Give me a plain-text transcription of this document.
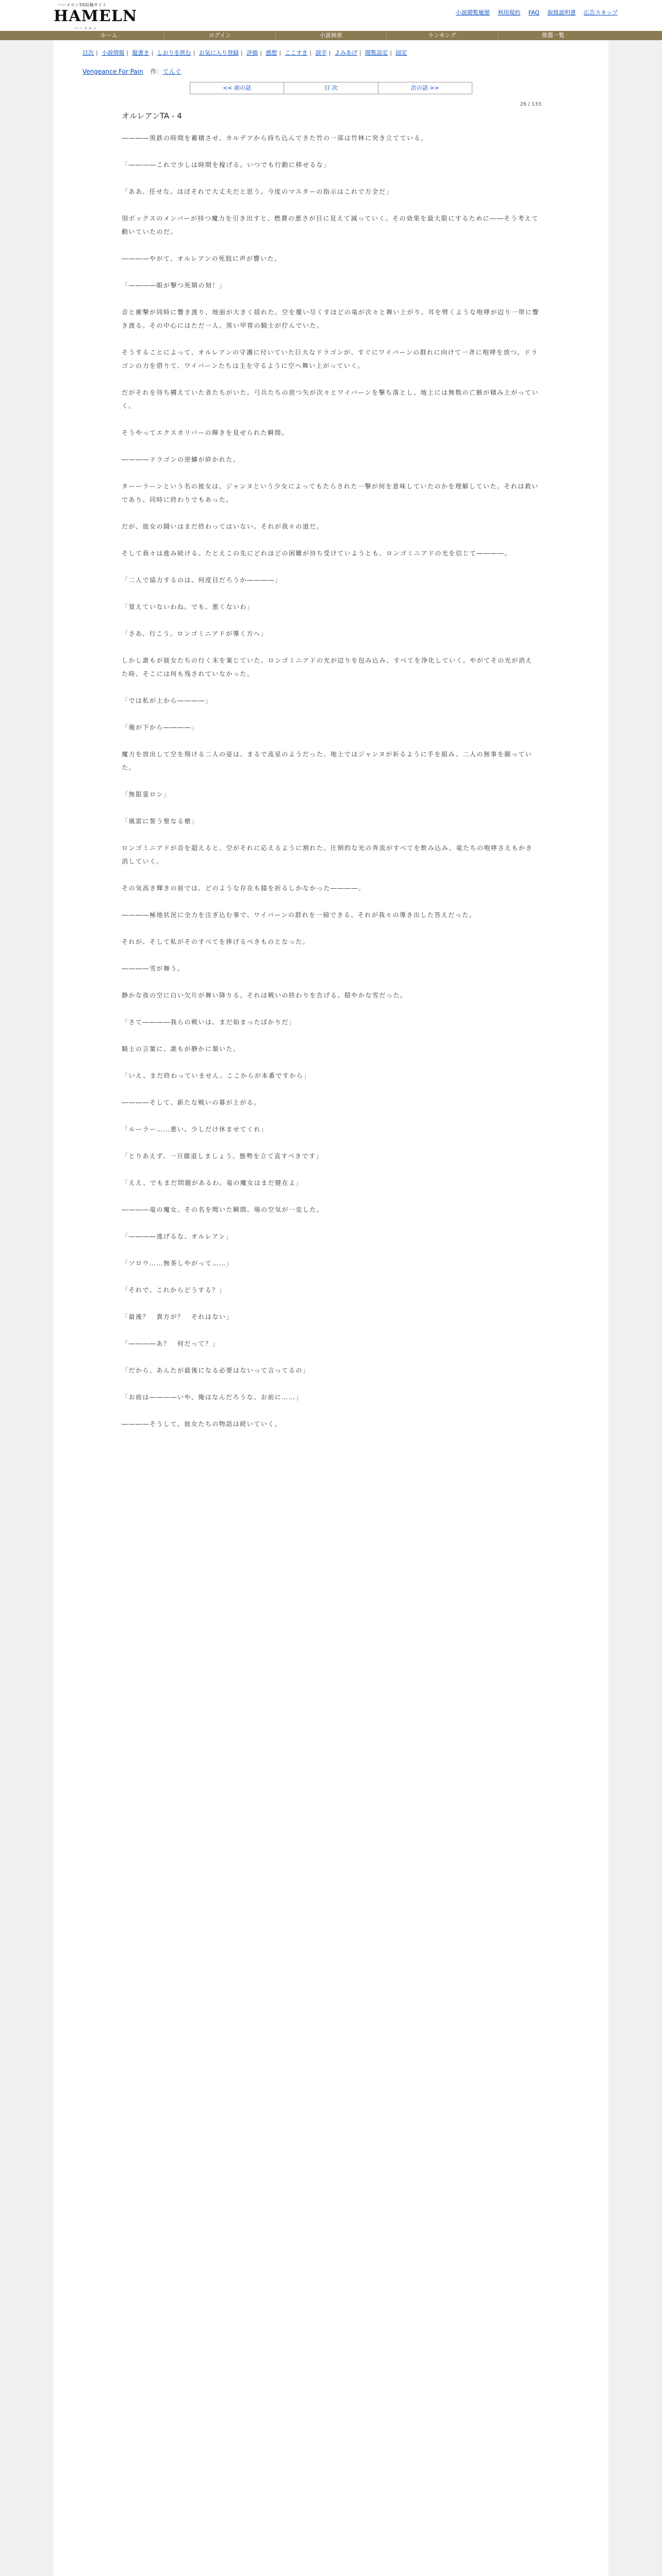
ハーメルンSS投稿サイト
HAMELN
ハ ー メ ル ン
小説閲覧履歴 利用規約 FAQ 取扱説明書 広告スキップ
ホーム	ログイン	小説検索	ランキング	推薦一覧
目次 | 小説情報 | 縦書き | しおりを挟む | お気に入り登録 | 評価 | 感想 | ここすき | 誤字 | よみあげ | 閲覧設定 | 固定
Vengeance For Pain 作： てんぐ
<< 前の話	目 次	次の話 >>
26 / 133
オルレアンTA - 4

――――黒鉄の時間を蓄積させ、カルデアから持ち込んできた竹の一部は竹林に突き立てている。

「――――これで少しは時間を稼げる。いつでも行動に移せるな」

「ああ、任せな。ほぼそれで大丈夫だと思う。今度のマスターの指示はこれで万全だ」

別ボックスのメンバーが持つ魔力を引き出すと、燃費の悪さが目に見えて減っていく。その効果を最大限にするために――そう考えて動いていたのだ。

――――やがて、オルレアンの死肢に声が響いた。

「――――眼が撃つ死期の刻！」

音と衝撃が同時に響き渡り、地面が大きく揺れた。空を覆い尽くすほどの竜が次々と舞い上がり、耳を劈くような咆哮が辺り一帯に響き渡る。その中心にはただ一人、黒い甲冑の騎士が佇んでいた。

そうすることによって、オルレアンの守護に付いていた巨大なドラゴンが、すぐにワイバーンの群れに向けて一斉に咆哮を放つ。ドラゴンの力を借りて、ワイバーンたちは主を守るように空へ舞い上がっていく。

だがそれを待ち構えていた者たちがいた。弓兵たちの放つ矢が次々とワイバーンを撃ち落とし、地上には無数の亡骸が積み上がっていく。

そうやってエクスカリバーの輝きを見せられた瞬間。

――――ドラゴンの逆鱗が砕かれた。

ターーラーンという名の彼女は、ジャンヌという少女によってもたらされた一撃が何を意味していたのかを理解していた。それは救いであり、同時に終わりでもあった。

だが、彼女の闘いはまだ終わってはいない。それが我々の道だ。

そして我々は進み続ける。たとえこの先にどれほどの困難が待ち受けていようとも、ロンゴミニアドの光を信じて――――。

「二人で協力するのは、何度目だろうか――――」

「覚えていないわね。でも、悪くないわ」

「さあ、行こう。ロンゴミニアドが導く方へ」

しかし誰もが彼女たちの行く末を案じていた。ロンゴミニアドの光が辺りを包み込み、すべてを浄化していく。やがてその光が消えた時、そこには何も残されていなかった。

「では私が上から――――」

「俺が下から――――」

魔力を放出して空を翔ける二人の姿は、まるで流星のようだった。地上ではジャンヌが祈るように手を組み、二人の無事を願っていた。

「無限霊ロン」

「風雷に誓う聖なる槍」

ロンゴミニアドが音を超えると、空がそれに応えるように割れた。圧倒的な光の奔流がすべてを飲み込み、竜たちの咆哮さえもかき消していく。

その気高き輝きの前では、どのような存在も膝を折るしかなかった――――。

――――極地状況に全力を注ぎ込む事で、ワイバーンの群れを一掃できる。それが我々の導き出した答えだった。

それが、そして私がそのすべてを捧げるべきものとなった。

――――雪が舞う。

静かな夜の空に白い欠片が舞い降りる。それは戦いの終わりを告げる、穏やかな雪だった。

「さて――――我らの戦いは、まだ始まったばかりだ」

騎士の言葉に、誰もが静かに頷いた。

「いえ、まだ終わっていません。ここからが本番ですから」

――――そして、新たな戦いの幕が上がる。

「ルーラー……悪い、少しだけ休ませてくれ」

「とりあえず、一旦撤退しましょう。態勢を立て直すべきです」

「ええ、でもまだ問題があるわ。竜の魔女はまだ健在よ」

――――竜の魔女。その名を聞いた瞬間、場の空気が一変した。

「――――逃げるな、オルレアン」

「ソロウ……無茶しやがって……」

「それで、これからどうする？」

「最後？　貴方が？　それはない」

「――――あ？　何だって？」

「だから、あんたが最後になる必要はないって言ってるの」

「お前は――――いや、俺はなんだろうな。お前に……」

――――そうして、彼女たちの物語は続いていく。
